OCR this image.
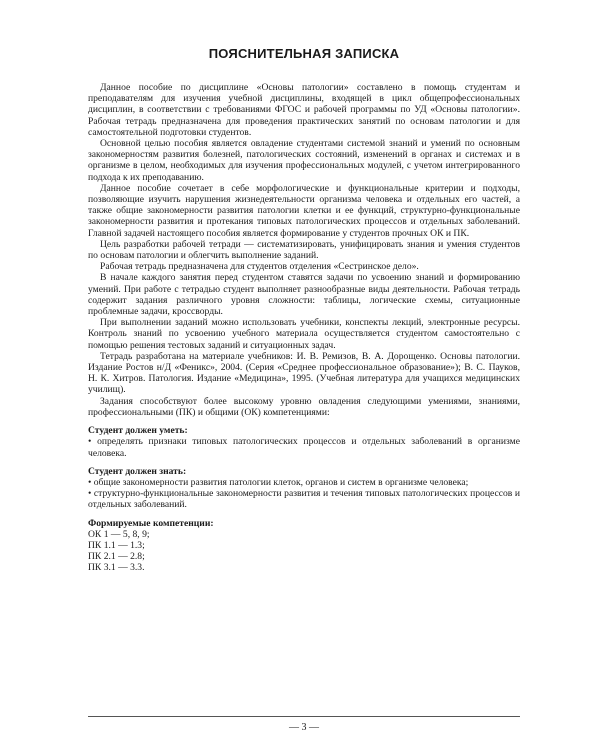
ПОЯСНИТЕЛЬНАЯ ЗАПИСКА

Данное пособие по дисциплине «Основы патологии» составлено в помощь студентам и преподавателям для изучения учебной дисциплины, входящей в цикл общепрофессиональных дисциплин, в соответствии с требованиями ФГОС и рабочей программы по УД «Основы патологии». Рабочая тетрадь предназначена для проведения практических занятий по основам патологии и для самостоятельной подготовки студентов.

Основной целью пособия является овладение студентами системой знаний и умений по основным закономерностям развития болезней, патологических состояний, изменений в органах и системах и в организме в целом, необходимых для изучения профессиональных модулей, с учетом интегрированного подхода к их преподаванию.

Данное пособие сочетает в себе морфологические и функциональные критерии и подходы, позволяющие изучить нарушения жизнедеятельности организма человека и отдельных его частей, а также общие закономерности развития патологии клетки и ее функций, структурно-функциональные закономерности развития и протекания типовых патологических процессов и отдельных заболеваний. Главной задачей настоящего пособия является формирование у студентов прочных ОК и ПК.

Цель разработки рабочей тетради — систематизировать, унифицировать знания и умения студентов по основам патологии и облегчить выполнение заданий.

Рабочая тетрадь предназначена для студентов отделения «Сестринское дело».

В начале каждого занятия перед студентом ставятся задачи по усвоению знаний и формированию умений. При работе с тетрадью студент выполняет разнообразные виды деятельности. Рабочая тетрадь содержит задания различного уровня сложности: таблицы, логические схемы, ситуационные проблемные задачи, кроссворды.

При выполнении заданий можно использовать учебники, конспекты лекций, электронные ресурсы. Контроль знаний по усвоению учебного материала осуществляется студентом самостоятельно с помощью решения тестовых заданий и ситуационных задач.

Тетрадь разработана на материале учебников: И. В. Ремизов, В. А. Дорощенко. Основы патологии. Издание Ростов н/Д «Феникс», 2004. (Серия «Среднее профессиональное образование»); В. С. Пауков, Н. К. Хитров. Патология. Издание «Медицина», 1995. (Учебная литература для учащихся медицинских училищ).

Задания способствуют более высокому уровню овладения следующими умениями, знаниями, профессиональными (ПК) и общими (ОК) компетенциями:

Студент должен уметь:

• определять признаки типовых патологических процессов и отдельных заболеваний в организме человека.

Студент должен знать:

• общие закономерности развития патологии клеток, органов и систем в организме человека;

• структурно-функциональные закономерности развития и течения типовых патологических процессов и отдельных заболеваний.

Формируемые компетенции:

ОК 1 — 5, 8, 9;

ПК 1.1 — 1.3;

ПК 2.1 — 2.8;

ПК 3.1 — 3.3.

— 3 —
